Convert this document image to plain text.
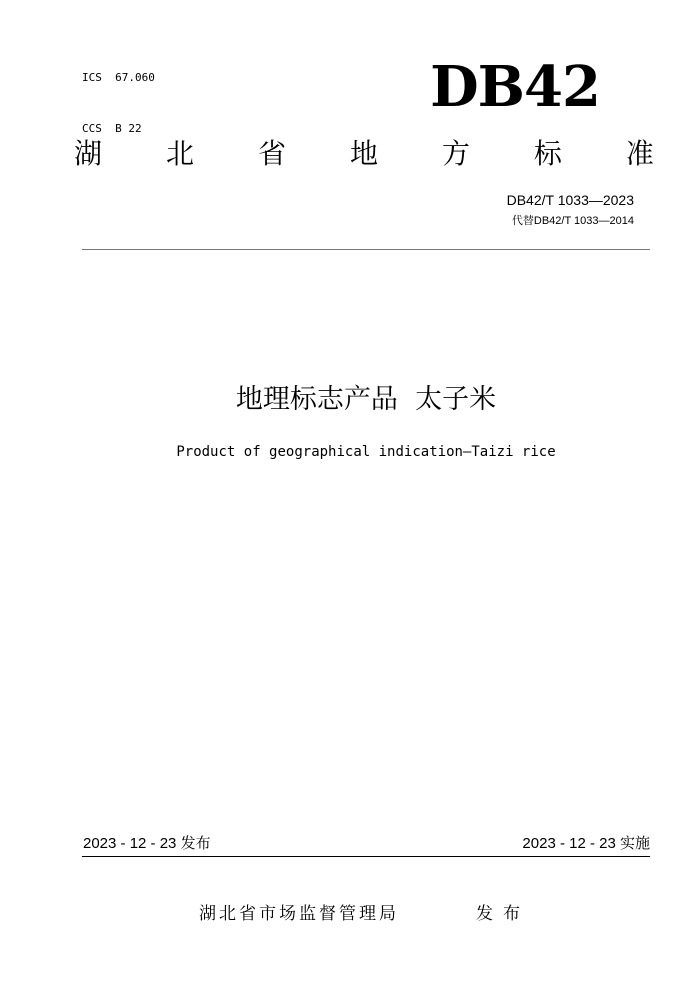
ICS  67.060

CCS  B 22

DB42
湖 北 省 地 方 标 准
DB42/T 1033—2023
代替DB42/T 1033—2014
地理标志产品  太子米
Product of geographical indication—Taizi rice
2023 - 12 - 23 发布	2023 - 12 - 23 实施
湖北省市场监督管理局	发布
